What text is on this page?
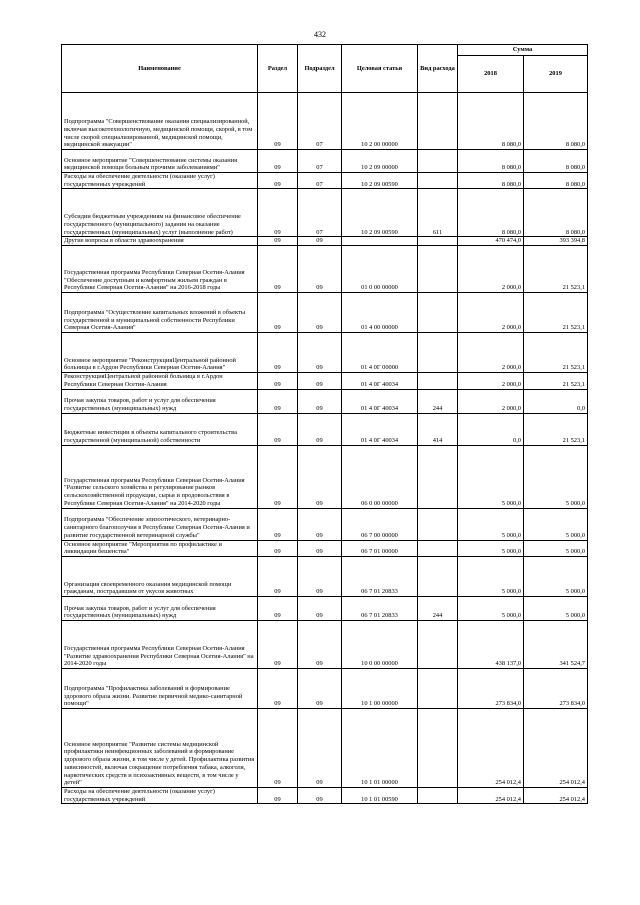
432
Наименование	Раздел	Подраздел	Целовая статья	Вид расхода	Сумма	
					2018	2019
Подпрограмма "Совершенствование оказания специализированной, включая высокотехнологичную, медицинской помощи, скорой, в том числе скорой специализированной, медицинской помощи, медицинской эвакуации"	09	07	10 2 00 00000		8 080,0	8 080,0
Основное мероприятие "Совершенствование системы оказания медицинской помощи больным прочими заболеваниями"	09	07	10 2 09 00000		8 080,0	8 080,0
Расходы на обеспечение деятельности (оказание услуг) государственных учреждений	09	07	10 2 09 00590		8 080,0	8 080,0
Субсидии бюджетным учреждениям на финансовое обеспечение государственного (муниципального) задания на оказание государственных (муниципальных) услуг (выполнение работ)	09	07	10 2 09 00590	611	8 080,0	8 080,0
Другие вопросы в области здравоохранения	09	09			470 474,0	393 394,8
Государственная программа Республики Северная Осетия-Алания "Обеспечение доступным и комфортным жильем граждан в Республике Северная Осетия-Алания" на 2016-2018 годы	09	09	01 0 00 00000		2 000,0	21 523,1
Подпрограмма "Осуществление капитальных вложений в объекты государственной и муниципальной собственности Республики Северная Осетия-Алания"	09	09	01 4 00 00000		2 000,0	21 523,1
Основное мероприятие "РеконструкцияЦентральной районной больницы в г.Ардон Республики Северная Осетия-Алания"	09	09	01 4 0Г 00000		2 000,0	21 523,1
РеконструкцияЦентральной районной больница в г.Ардон Республики Северная Осетия-Алания	09	09	01 4 0Г 40034		2 000,0	21 523,1
Прочая закупка товаров, работ и услуг для обеспечения государственных (муниципальных) нужд	09	09	01 4 0Г 40034	244	2 000,0	0,0
Бюджетные инвестиции в объекты капитального строительства государственной (муниципальной) собственности	09	09	01 4 0Г 40034	414	0,0	21 523,1
Государственная программа Республики Северная Осетия-Алания "Развитие сельского хозяйства и регулирование рынков сельскохозяйственной продукции, сырья и продовольствия в Республике Северная Осетия-Алания" на 2014-2020 годы	09	09	06 0 00 00000		5 000,0	5 000,0
Подпрограмма "Обеспечение эпизоотического, ветеринарно-санитарного благополучия в Республике Северная Осетия-Алания и развитие государственной ветеринарной службы"	09	09	06 7 00 00000		5 000,0	5 000,0
Основное мероприятие "Мероприятия по профилактике и ликвидации бешенства"	09	09	06 7 01 00000		5 000,0	5 000,0
Организация своевременного оказания медицинской помощи гражданам, пострадавшим от укусов животных	09	09	06 7 01 20833		5 000,0	5 000,0
Прочая закупка товаров, работ и услуг для обеспечения государственных (муниципальных) нужд	09	09	06 7 01 20833	244	5 000,0	5 000,0
Государственная программа Республики Северная Осетия-Алания "Развитие здравоохранения Республики Северная Осетия-Алания" на 2014-2020 годы	09	09	10 0 00 00000		438 137,0	341 524,7
Подпрограмма "Профилактика заболеваний и формирование здорового образа жизни. Развитие первичной медико-санитарной помощи"	09	09	10 1 00 00000		273 834,0	273 834,0
Основное мероприятие "Развитие системы медицинской профилактики неинфекционных заболеваний и формирование здорового образа жизни, в том числе у детей. Профилактика развития зависимостей, включая сокращение потребления табака, алкоголя, наркотических средств и психоактивных веществ, в том числе у детей"	09	09	10 1 01 00000		254 012,4	254 012,4
Расходы на обеспечение деятельности (оказание услуг) государственных учреждений	09	09	10 1 01 00590		254 012,4	254 012,4
